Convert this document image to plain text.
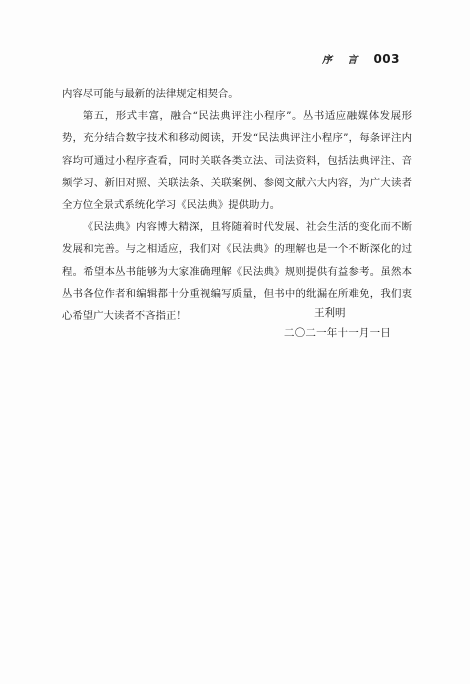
序 言 003

内容尽可能与最新的法律规定相契合。

第五，形式丰富，融合“民法典评注小程序”。丛书适应融媒体发展形势，充分结合数字技术和移动阅读，开发“民法典评注小程序”，每条评注内容均可通过小程序查看，同时关联各类立法、司法资料，包括法典评注、音频学习、新旧对照、关联法条、关联案例、参阅文献六大内容，为广大读者全方位全景式系统化学习《民法典》提供助力。

《民法典》内容博大精深，且将随着时代发展、社会生活的变化而不断发展和完善。与之相适应，我们对《民法典》的理解也是一个不断深化的过程。希望本丛书能够为大家准确理解《民法典》规则提供有益参考。虽然本丛书各位作者和编辑都十分重视编写质量，但书中的纰漏在所难免，我们衷心希望广大读者不吝指正！	王利明
二〇二一年十一月一日
